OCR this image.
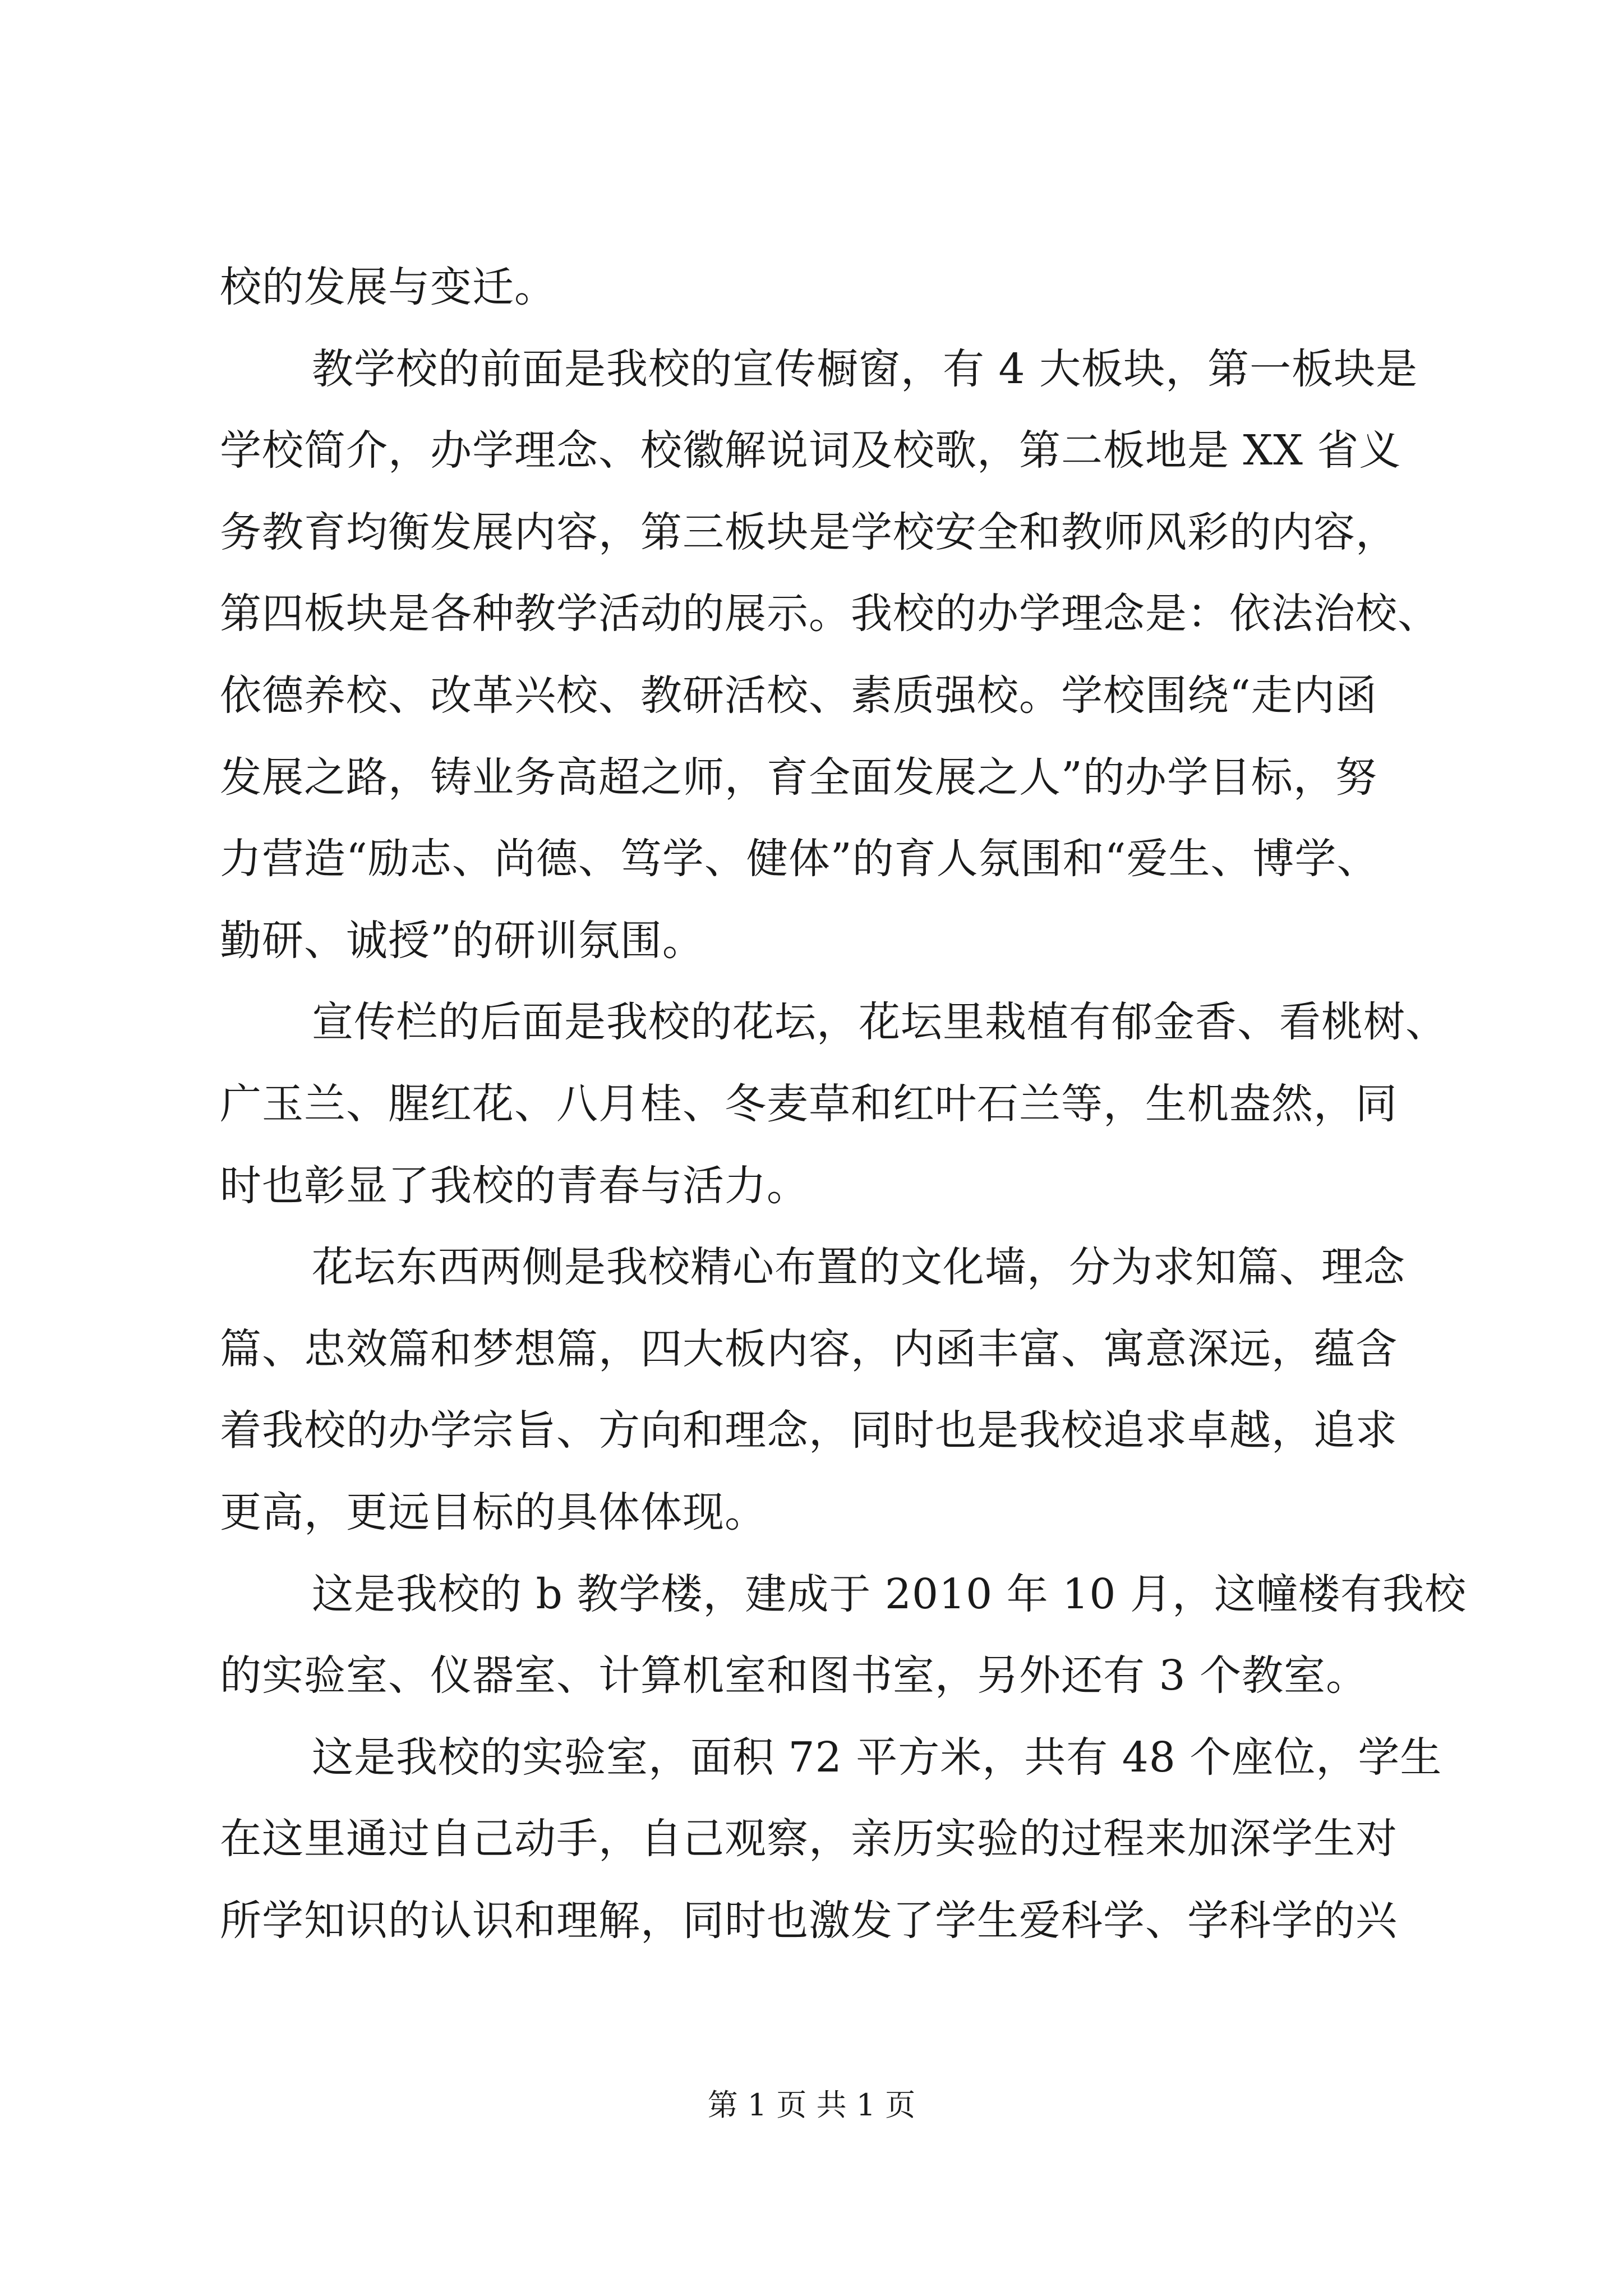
校的发展与变迁。
教学校的前面是我校的宣传橱窗，有 4 大板块，第一板块是
学校简介，办学理念、校徽解说词及校歌，第二板地是 XX 省义
务教育均衡发展内容，第三板块是学校安全和教师风彩的内容，
第四板块是各种教学活动的展示。我校的办学理念是：依法治校、
依德养校、改革兴校、教研活校、素质强校。学校围绕“走内函
发展之路，铸业务高超之师，育全面发展之人”的办学目标，努
力营造“励志、尚德、笃学、健体”的育人氛围和“爱生、博学、
勤研、诚授”的研训氛围。
宣传栏的后面是我校的花坛，花坛里栽植有郁金香、看桃树、
广玉兰、腥红花、八月桂、冬麦草和红叶石兰等，生机盎然，同
时也彰显了我校的青春与活力。
花坛东西两侧是我校精心布置的文化墙，分为求知篇、理念
篇、忠效篇和梦想篇，四大板内容，内函丰富、寓意深远，蕴含
着我校的办学宗旨、方向和理念，同时也是我校追求卓越，追求
更高，更远目标的具体体现。
这是我校的 b 教学楼，建成于 2010 年 10 月，这幢楼有我校
的实验室、仪器室、计算机室和图书室，另外还有 3 个教室。
这是我校的实验室，面积 72 平方米，共有 48 个座位，学生
在这里通过自己动手，自己观察，亲历实验的过程来加深学生对
所学知识的认识和理解，同时也激发了学生爱科学、学科学的兴
第 1 页 共 1 页
